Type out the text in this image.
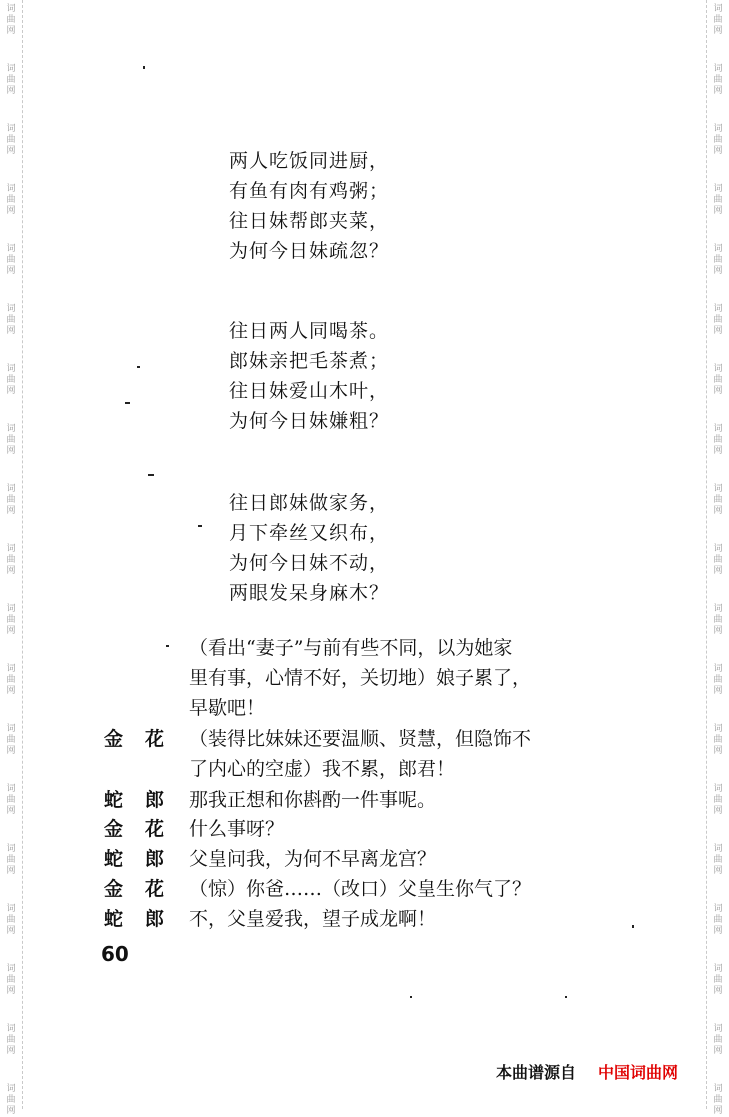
词
曲
网
词
曲
网
词
曲
网
词
曲
网
词
曲
网
词
曲
网
词
曲
网
词
曲
网
词
曲
网
词
曲
网
词
曲
网
词
曲
网
词
曲
网
词
曲
网
词
曲
网
词
曲
网
词
曲
网
词
曲
网
词
曲
网
词
曲
网
词
曲
网
词
曲
网
词
曲
网
词
曲
网
词
曲
网
词
曲
网
词
曲
网
词
曲
网
词
曲
网
词
曲
网
词
曲
网
词
曲
网
词
曲
网
词
曲
网
词
曲
网
词
曲
网
词
曲
网
词
曲
网
两人吃饭同进厨，
有鱼有肉有鸡粥；
往日妹帮郎夹菜，
为何今日妹疏忽？
往日两人同喝茶。
郎妹亲把毛茶煮；
往日妹爱山木叶，
为何今日妹嫌粗？
往日郎妹做家务，
月下牵丝又织布，
为何今日妹不动，
两眼发呆身麻木？
（看出“妻子”与前有些不同，以为她家
里有事，心情不好，关切地）娘子累了，
早歇吧！
金 花 （装得比妹妹还要温顺、贤慧，但隐饰不
了内心的空虚）我不累，郎君！
蛇 郎 那我正想和你斟酌一件事呢。
金 花 什么事呀？
蛇 郎 父皇问我，为何不早离龙宫？
金 花 （惊）你爸……（改口）父皇生你气了？
蛇 郎 不，父皇爱我，望子成龙啊！
60
本曲谱源自 中国词曲网
